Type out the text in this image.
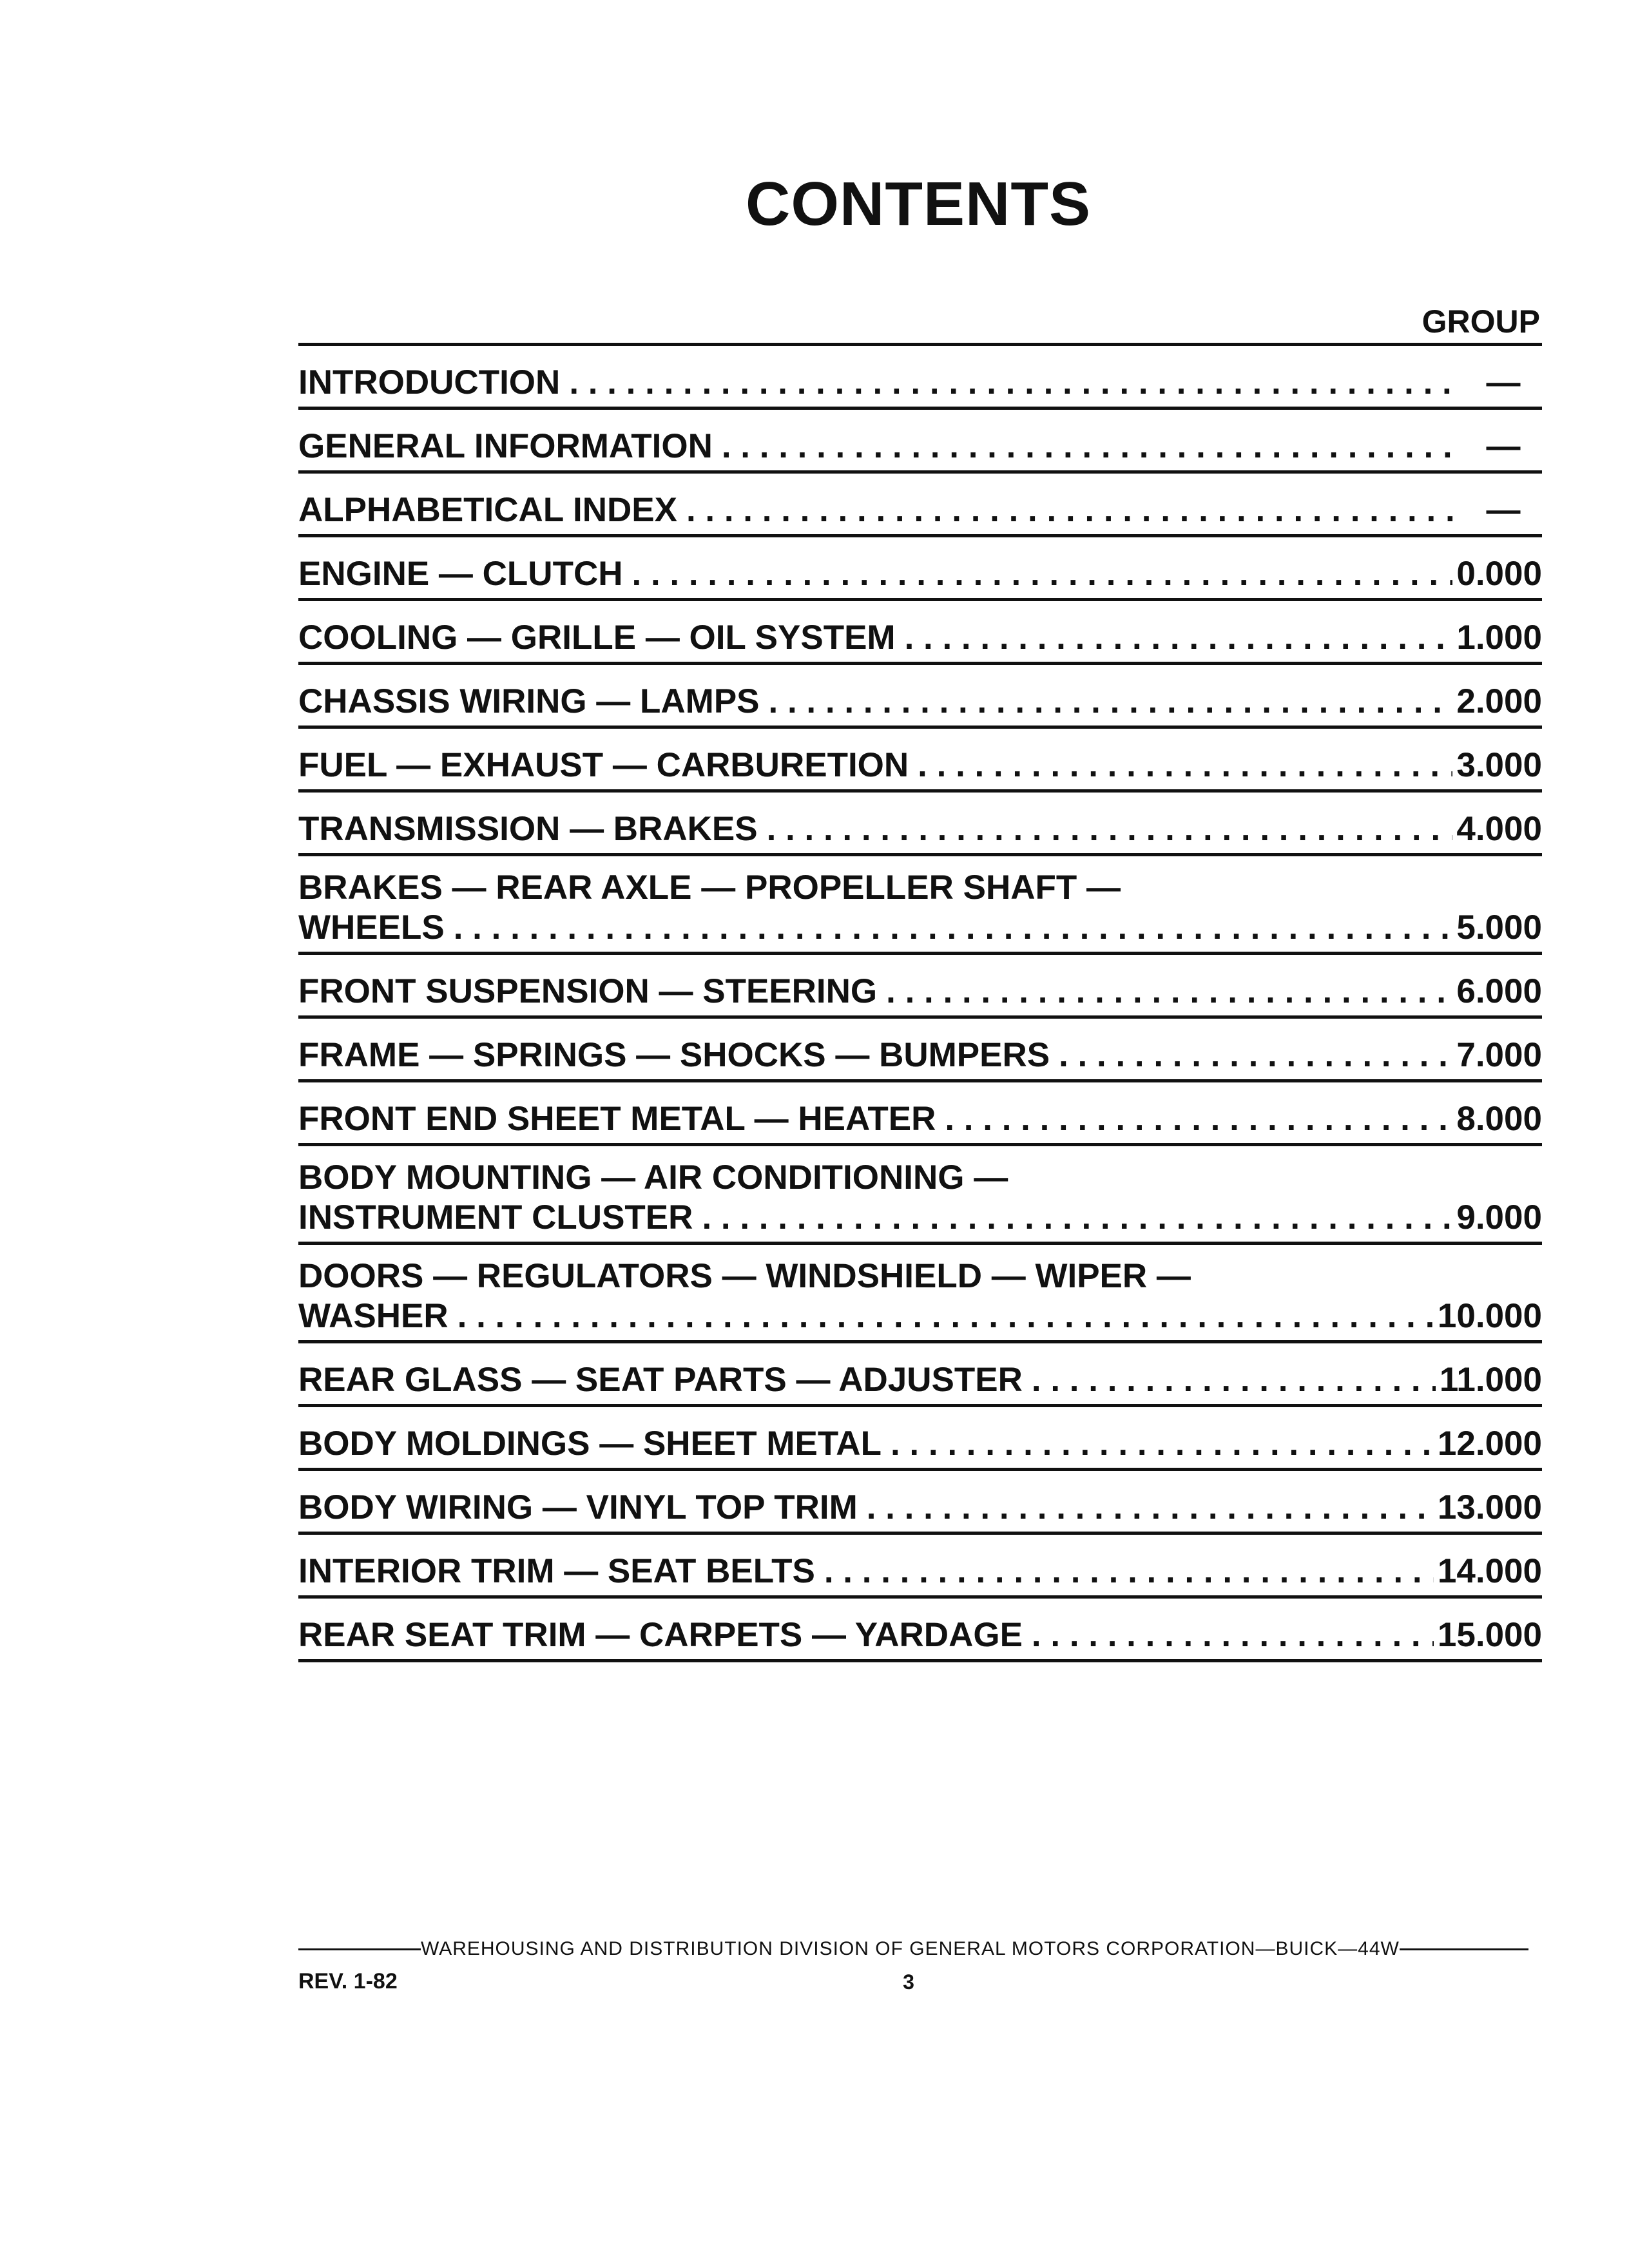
CONTENTS
GROUP
INTRODUCTION . . .	—
GENERAL INFORMATION . . .	—
ALPHABETICAL INDEX . . .	—
ENGINE — CLUTCH . . .	0.000
COOLING — GRILLE — OIL SYSTEM . . .	1.000
CHASSIS WIRING — LAMPS . . .	2.000
FUEL — EXHAUST — CARBURETION . . .	3.000
TRANSMISSION — BRAKES . . .	4.000
BRAKES — REAR AXLE — PROPELLER SHAFT —
WHEELS . . .	5.000
FRONT SUSPENSION — STEERING . . .	6.000
FRAME — SPRINGS — SHOCKS — BUMPERS . . .	7.000
FRONT END SHEET METAL — HEATER . . .	8.000
BODY MOUNTING — AIR CONDITIONING —
INSTRUMENT CLUSTER . . .	9.000
DOORS — REGULATORS — WINDSHIELD — WIPER —
WASHER . . .	10.000
REAR GLASS — SEAT PARTS — ADJUSTER . . .	11.000
BODY MOLDINGS — SHEET METAL . . .	12.000
BODY WIRING — VINYL TOP TRIM . . .	13.000
INTERIOR TRIM — SEAT BELTS . . .	14.000
REAR SEAT TRIM — CARPETS — YARDAGE . . .	15.000
WAREHOUSING AND DISTRIBUTION DIVISION OF GENERAL MOTORS CORPORATION—BUICK—44W
REV. 1-82	3
